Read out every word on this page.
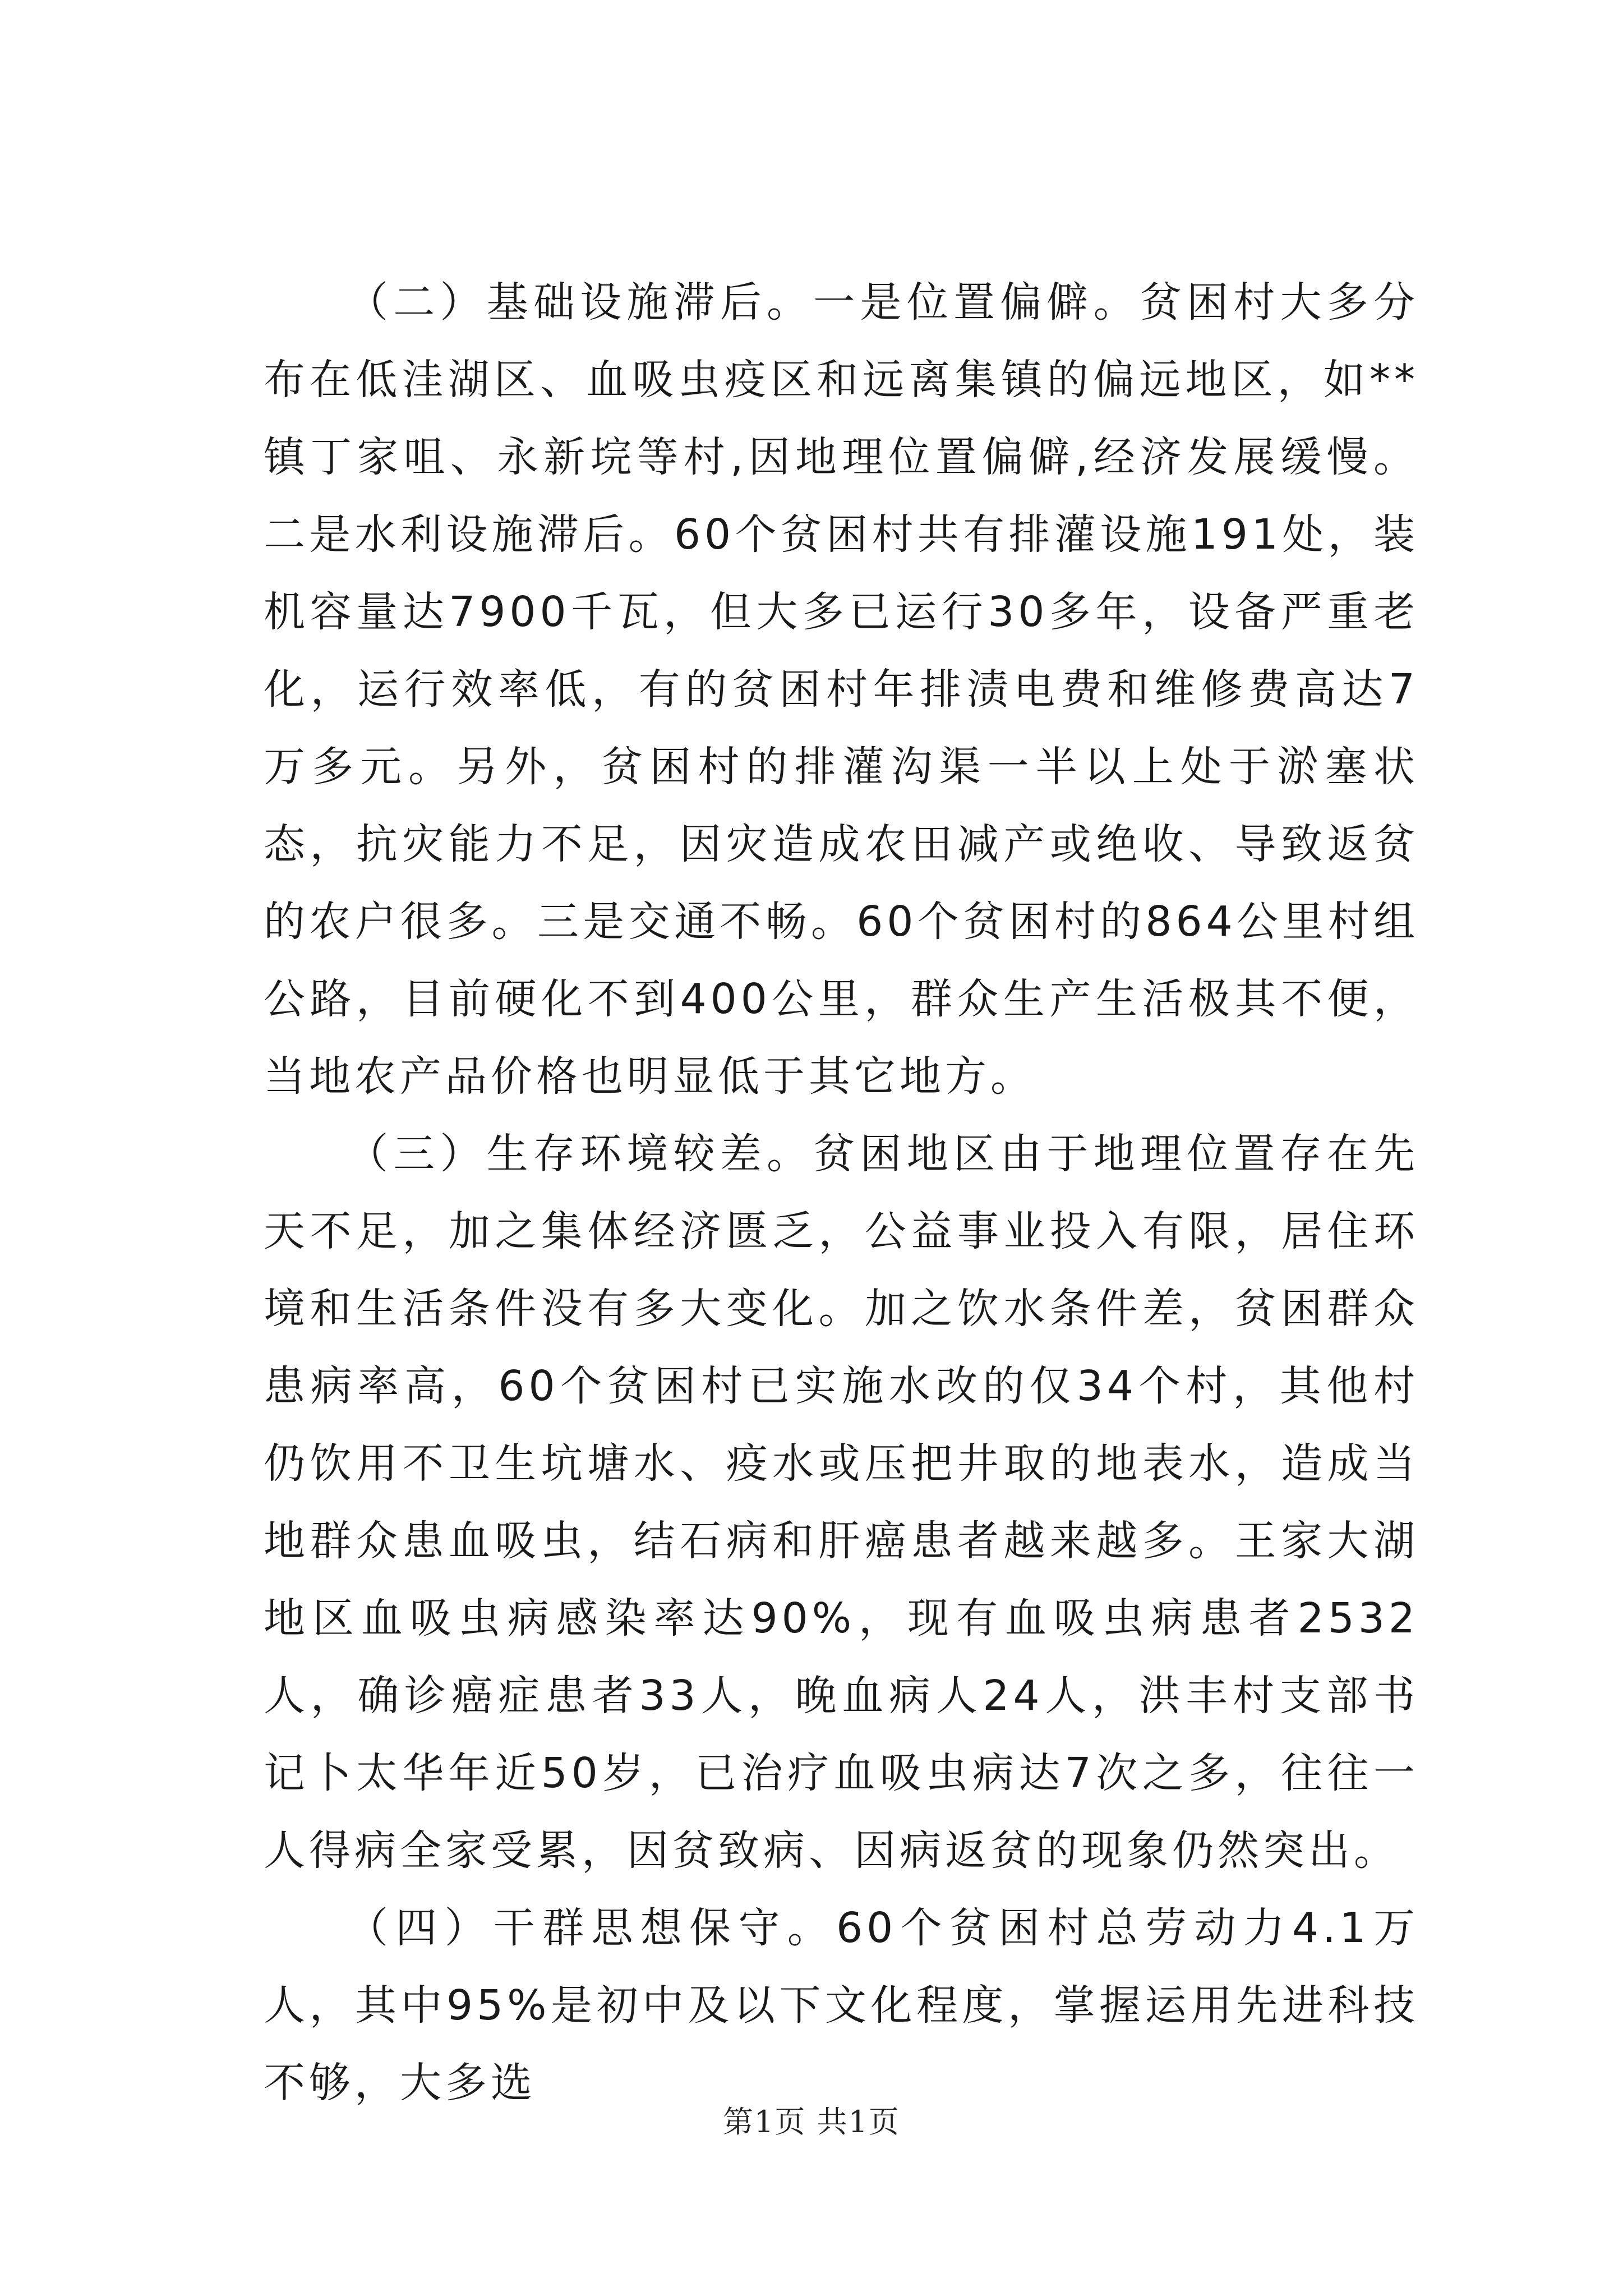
（二）基础设施滞后。一是位置偏僻。贫困村大多分布在低洼湖区、血吸虫疫区和远离集镇的偏远地区，如**镇丁家咀、永新垸等村,因地理位置偏僻,经济发展缓慢。二是水利设施滞后。60个贫困村共有排灌设施191处，装机容量达7900千瓦，但大多已运行30多年，设备严重老化，运行效率低，有的贫困村年排渍电费和维修费高达7万多元。另外，贫困村的排灌沟渠一半以上处于淤塞状态，抗灾能力不足，因灾造成农田减产或绝收、导致返贫的农户很多。三是交通不畅。60个贫困村的864公里村组公路，目前硬化不到400公里，群众生产生活极其不便，当地农产品价格也明显低于其它地方。

（三）生存环境较差。贫困地区由于地理位置存在先天不足，加之集体经济匮乏，公益事业投入有限，居住环境和生活条件没有多大变化。加之饮水条件差，贫困群众患病率高，60个贫困村已实施水改的仅34个村，其他村仍饮用不卫生坑塘水、疫水或压把井取的地表水，造成当地群众患血吸虫，结石病和肝癌患者越来越多。王家大湖地区血吸虫病感染率达90%，现有血吸虫病患者2532人，确诊癌症患者33人，晚血病人24人，洪丰村支部书记卜太华年近50岁，已治疗血吸虫病达7次之多，往往一人得病全家受累，因贫致病、因病返贫的现象仍然突出。

（四）干群思想保守。60个贫困村总劳动力4.1万人，其中95%是初中及以下文化程度，掌握运用先进科技不够，大多选

第1页 共1页
